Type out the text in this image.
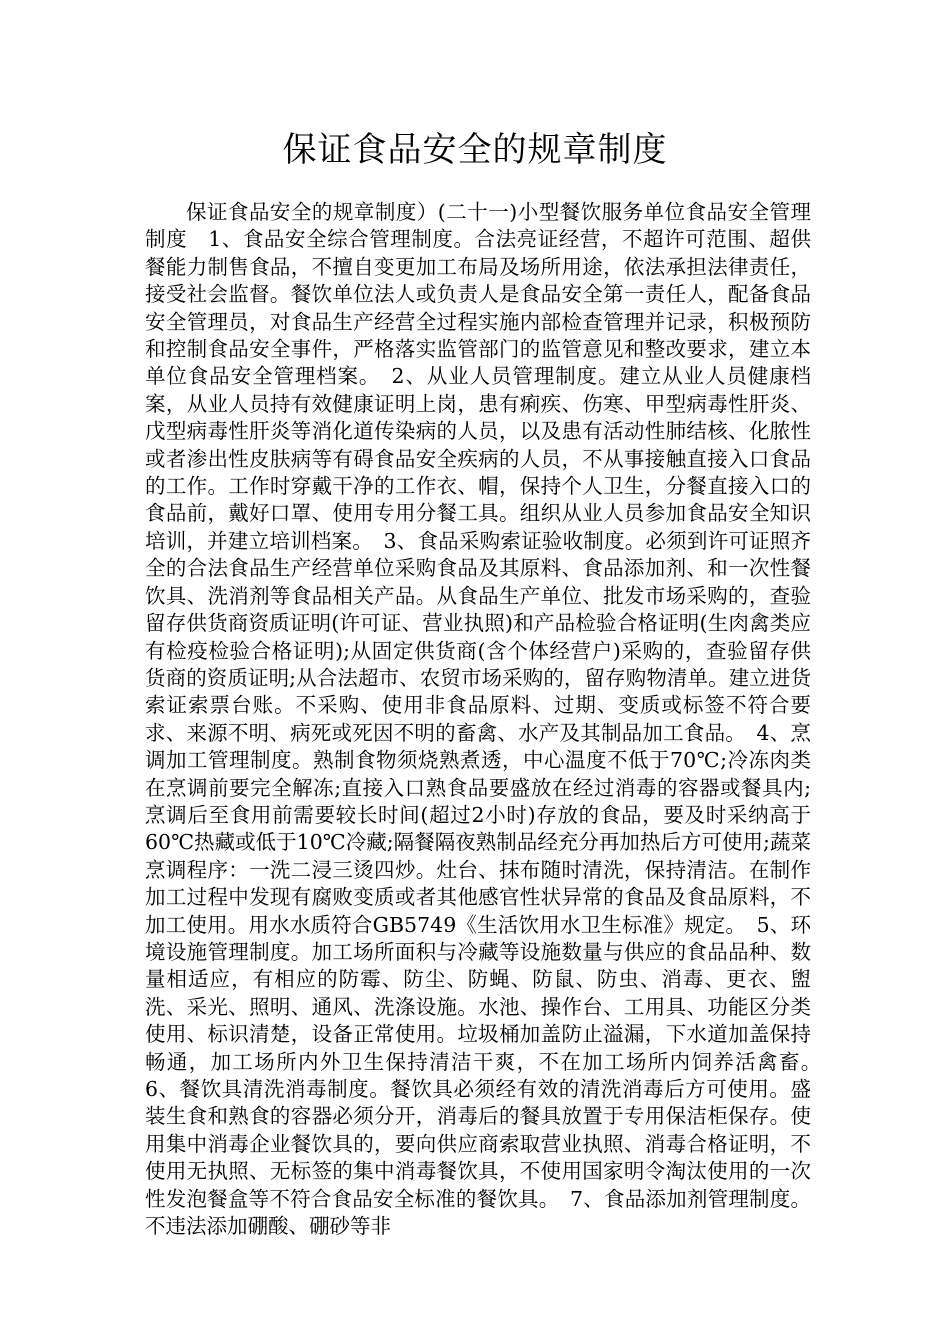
保证食品安全的规章制度

保证食品安全的规章制度）(二十一)小型餐饮服务单位食品安全管理制度　1、食品安全综合管理制度。合法亮证经营，不超许可范围、超供餐能力制售食品，不擅自变更加工布局及场所用途，依法承担法律责任，接受社会监督。餐饮单位法人或负责人是食品安全第一责任人，配备食品安全管理员，对食品生产经营全过程实施内部检查管理并记录，积极预防和控制食品安全事件，严格落实监管部门的监管意见和整改要求，建立本单位食品安全管理档案。　2、从业人员管理制度。建立从业人员健康档案，从业人员持有效健康证明上岗，患有痢疾、伤寒、甲型病毒性肝炎、戊型病毒性肝炎等消化道传染病的人员，以及患有活动性肺结核、化脓性或者渗出性皮肤病等有碍食品安全疾病的人员，不从事接触直接入口食品的工作。工作时穿戴干净的工作衣、帽，保持个人卫生，分餐直接入口的食品前，戴好口罩、使用专用分餐工具。组织从业人员参加食品安全知识培训，并建立培训档案。　3、食品采购索证验收制度。必须到许可证照齐全的合法食品生产经营单位采购食品及其原料、食品添加剂、和一次性餐饮具、洗消剂等食品相关产品。从食品生产单位、批发市场采购的，查验留存供货商资质证明(许可证、营业执照)和产品检验合格证明(生肉禽类应有检疫检验合格证明);从固定供货商(含个体经营户)采购的，查验留存供货商的资质证明;从合法超市、农贸市场采购的，留存购物清单。建立进货索证索票台账。不采购、使用非食品原料、过期、变质或标签不符合要求、来源不明、病死或死因不明的畜禽、水产及其制品加工食品。　4、烹调加工管理制度。熟制食物须烧熟煮透，中心温度不低于70℃;冷冻肉类在烹调前要完全解冻;直接入口熟食品要盛放在经过消毒的容器或餐具内;烹调后至食用前需要较长时间(超过2小时)存放的食品，要及时采纳高于60℃热藏或低于10℃冷藏;隔餐隔夜熟制品经充分再加热后方可使用;蔬菜烹调程序：一洗二浸三烫四炒。灶台、抹布随时清洗，保持清洁。在制作加工过程中发现有腐败变质或者其他感官性状异常的食品及食品原料，不加工使用。用水水质符合GB5749《生活饮用水卫生标准》规定。　5、环境设施管理制度。加工场所面积与冷藏等设施数量与供应的食品品种、数量相适应，有相应的防霉、防尘、防蝇、防鼠、防虫、消毒、更衣、盥洗、采光、照明、通风、洗涤设施。水池、操作台、工用具、功能区分类使用、标识清楚，设备正常使用。垃圾桶加盖防止溢漏，下水道加盖保持畅通，加工场所内外卫生保持清洁干爽，不在加工场所内饲养活禽畜。　6、餐饮具清洗消毒制度。餐饮具必须经有效的清洗消毒后方可使用。盛装生食和熟食的容器必须分开，消毒后的餐具放置于专用保洁柜保存。使用集中消毒企业餐饮具的，要向供应商索取营业执照、消毒合格证明，不使用无执照、无标签的集中消毒餐饮具，不使用国家明令淘汰使用的一次性发泡餐盒等不符合食品安全标准的餐饮具。　7、食品添加剂管理制度。不违法添加硼酸、硼砂等非
